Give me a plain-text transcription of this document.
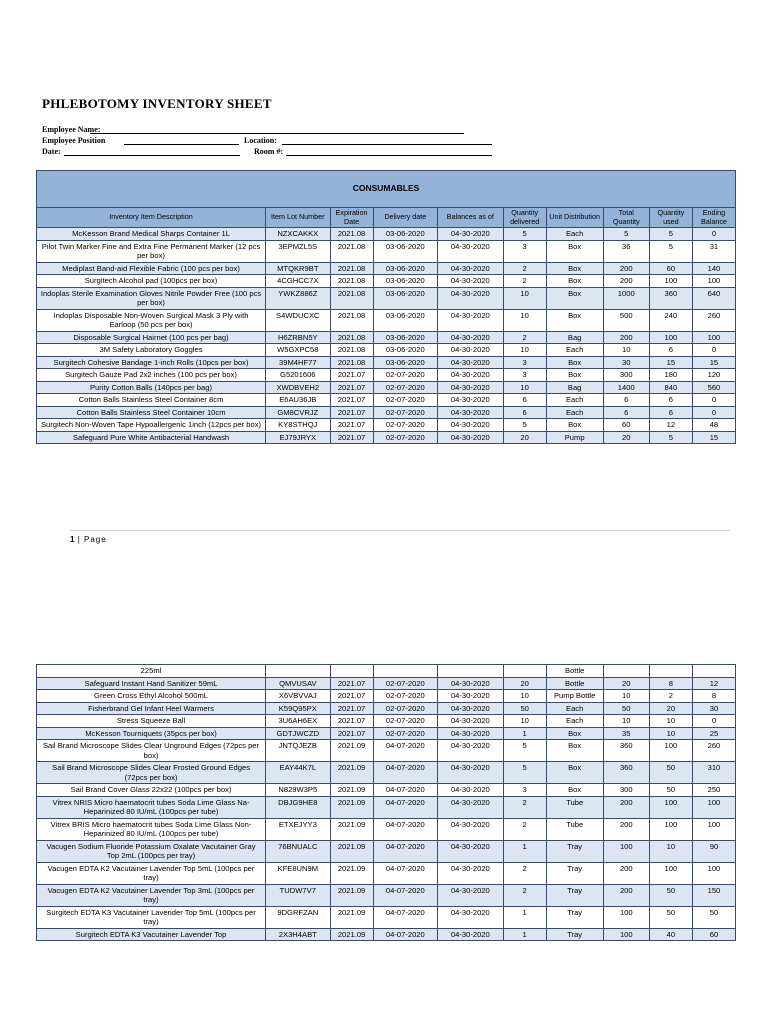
PHLEBOTOMY INVENTORY SHEET
Employee Name:
Employee Position	Location:
Date:	Room #:
CONSUMABLES									
Inventory Item Description	Item Lot Number	Expiration Date	Delivery date	Balances as of	Quantity delivered	Unit Distribution	Total Quantity	Quantity used	Ending Balance
McKesson Brand Medical Sharps Container 1L	NZXCAKKX	2021.08	03-06-2020	04-30-2020	5	Each	5	5	0
Pilot Twin Marker Fine and Extra Fine Permanent Marker (12 pcs per box)	3EPMZL5S	2021.08	03-06-2020	04-30-2020	3	Box	36	5	31
Mediplast Band-aid Flexible Fabric (100 pcs per box)	MTQKR9BT	2021.08	03-06-2020	04-30-2020	2	Box	200	60	140
Surgitech Alcohol pad (100pcs per box)	4CGHCC7X	2021.08	03-06-2020	04-30-2020	2	Box	200	100	100
Indoplas Sterile Examination Gloves Nitrile Powder Free (100 pcs per box)	YWKZ886Z	2021.08	03-06-2020	04-30-2020	10	Box	1000	360	640
Indoplas Disposable Non-Woven Surgical Mask 3 Ply with Earloop (50 pcs per box)	S4WDUCXC	2021.08	03-06-2020	04-30-2020	10	Box	500	240	260
Disposable Surgical Hairnet (100 pcs per bag)	H6ZRBN5Y	2021.08	03-06-2020	04-30-2020	2	Bag	200	100	100
3M Safety Laboratory Goggles	W5GXPC58	2021.08	03-06-2020	04-30-2020	10	Each	10	6	0
Surgitech Cohesive Bandage 1-inch Rolls (10pcs per box)	39M4HF77	2021.08	03-06-2020	04-30-2020	3	Box	30	15	15
Surgitech Gauze Pad 2x2 inches (100 pcs per box)	G5201606	2021.07	02-07-2020	04-30-2020	3	Box	300	180	120
Purity Cotton Balls (140pcs per bag)	XWDBVEH2	2021.07	02-07-2020	04-30-2020	10	Bag	1400	840	560
Cotton Balls Stainless Steel Container 8cm	E6AU36JB	2021.07	02-07-2020	04-30-2020	6	Each	6	6	0
Cotton Balls Stainless Steel Container 10cm	GM8CVRJZ	2021.07	02-07-2020	04-30-2020	6	Each	6	6	0
Surgitech Non-Woven Tape Hypoallergenic 1inch (12pcs per box)	KY8STHQJ	2021.07	02-07-2020	04-30-2020	5	Box	60	12	48
Safeguard Pure White Antibacterial Handwash	EJ79JRYX	2021.07	02-07-2020	04-30-2020	20	Pump	20	5	15
1 | Page
225ml						Bottle			
Safeguard Instant Hand Sanitizer 59mL	QMVUSAV	2021.07	02-07-2020	04-30-2020	20	Bottle	20	8	12
Green Cross Ethyl Alcohol 500mL	X6VBVVAJ	2021.07	02-07-2020	04-30-2020	10	Pump Bottle	10	2	8
Fisherbrand Gel Infant Heel Warmers	K59Q95PX	2021.07	02-07-2020	04-30-2020	50	Each	50	20	30
Stress Squeeze Ball	3U6AH6EX	2021.07	02-07-2020	04-30-2020	10	Each	10	10	0
McKesson Tourniquets (35pcs per box)	GDTJWCZD	2021.07	02-07-2020	04-30-2020	1	Box	35	10	25
Sail Brand Microscope Slides Clear Unground Edges (72pcs per box)	JNTQJEZB	2021.09	04-07-2020	04-30-2020	5	Box	360	100	260
Sail Brand Microscope Slides Clear Frosted Ground Edges (72pcs per box)	EAY44K7L	2021.09	04-07-2020	04-30-2020	5	Box	360	50	310
Sail Brand Cover Glass 22x22 (100pcs per box)	N829W3P5	2021.09	04-07-2020	04-30-2020	3	Box	300	50	250
Vitrex NRIS Micro haematocrit tubes Soda Lime Glass Na-Heparinized 80 IU/mL (100pcs per tube)	DBJG9HE8	2021.09	04-07-2020	04-30-2020	2	Tube	200	100	100
Vitrex BRIS Micro haematocrit tubes Soda Lime Glass Non-Heparinized 80 IU/mL (100pcs per tube)	ETXEJYY3	2021.09	04-07-2020	04-30-2020	2	Tube	200	100	100
Vacugen Sodium Fluoride Potassium Oxalate Vacutainer Gray Top 2mL (100pcs per tray)	76BNUALC	2021.09	04-07-2020	04-30-2020	1	Tray	100	10	90
Vacugen EDTA K2 Vacutainer Lavender Top 5mL (100pcs per tray)	KFE8UN9M	2021.09	04-07-2020	04-30-2020	2	Tray	200	100	100
Vacugen EDTA K2 Vacutainer Lavender Top 3mL (100pcs per tray)	TUDW7V7	2021.09	04-07-2020	04-30-2020	2	Tray	200	50	150
Surgitech EDTA K3 Vacutainer Lavender Top 5mL (100pcs per tray)	9DGRFZAN	2021.09	04-07-2020	04-30-2020	1	Tray	100	50	50
Surgitech EDTA K3 Vacutainer Lavender Top	2X3H4ABT	2021.09	04-07-2020	04-30-2020	1	Tray	100	40	60
